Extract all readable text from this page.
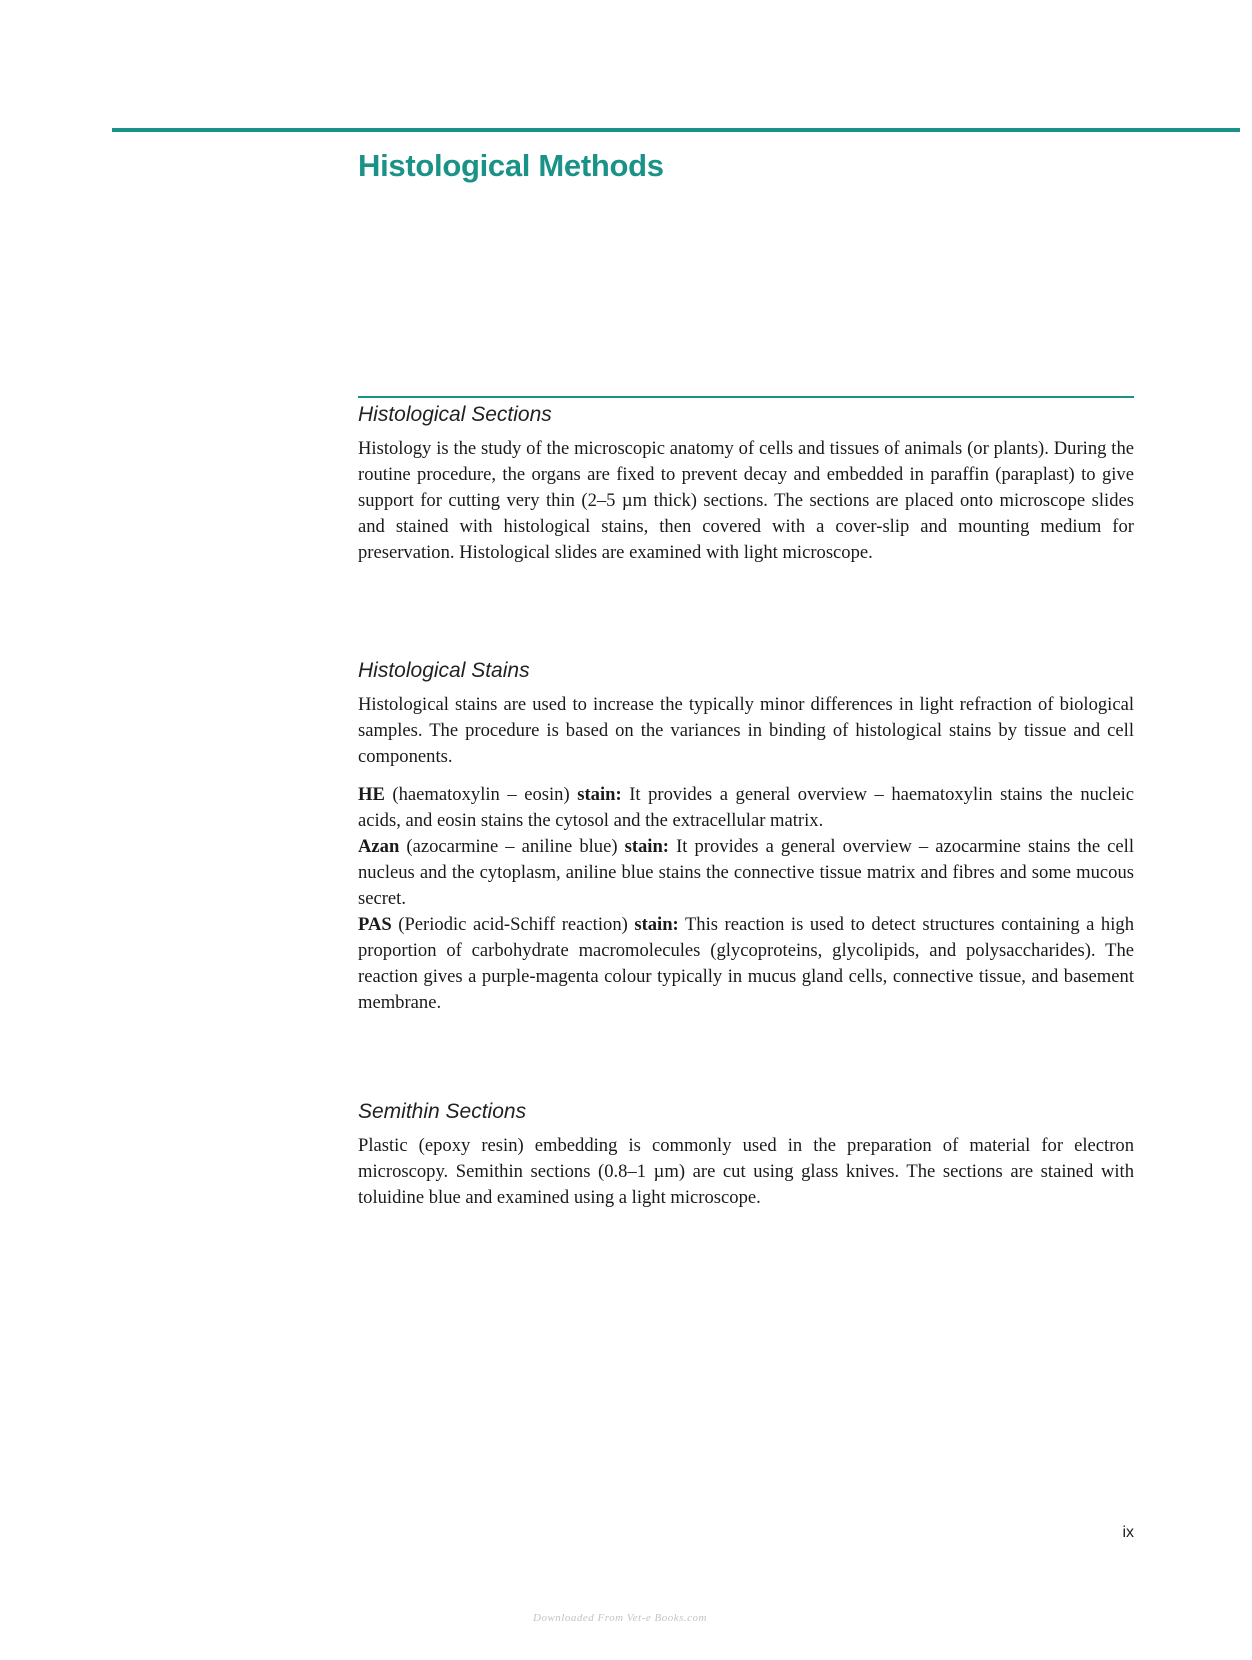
Histological Methods
Histological Sections

Histology is the study of the microscopic anatomy of cells and tissues of animals (or plants). During the routine procedure, the organs are fixed to prevent decay and embedded in paraffin (paraplast) to give support for cutting very thin (2–5 µm thick) sections. The sections are placed onto microscope slides and stained with histological stains, then covered with a cover-slip and mounting medium for preservation. Histological slides are examined with light microscope.

Histological Stains

Histological stains are used to increase the typically minor differences in light refraction of biological samples. The procedure is based on the variances in binding of histological stains by tissue and cell components.

HE (haematoxylin – eosin) stain: It provides a general overview – haematoxylin stains the nucleic acids, and eosin stains the cytosol and the extracellular matrix.

Azan (azocarmine – aniline blue) stain: It provides a general overview – azocarmine stains the cell nucleus and the cytoplasm, aniline blue stains the connective tissue matrix and fibres and some mucous secret.

PAS (Periodic acid-Schiff reaction) stain: This reaction is used to detect structures containing a high proportion of carbohydrate macromolecules (glycoproteins, glycolipids, and polysaccharides). The reaction gives a purple-magenta colour typically in mucus gland cells, connective tissue, and basement membrane.

Semithin Sections

Plastic (epoxy resin) embedding is commonly used in the preparation of material for electron microscopy. Semithin sections (0.8–1 µm) are cut using glass knives. The sections are stained with toluidine blue and examined using a light microscope.

ix
Downloaded From Vet-e Books.com
